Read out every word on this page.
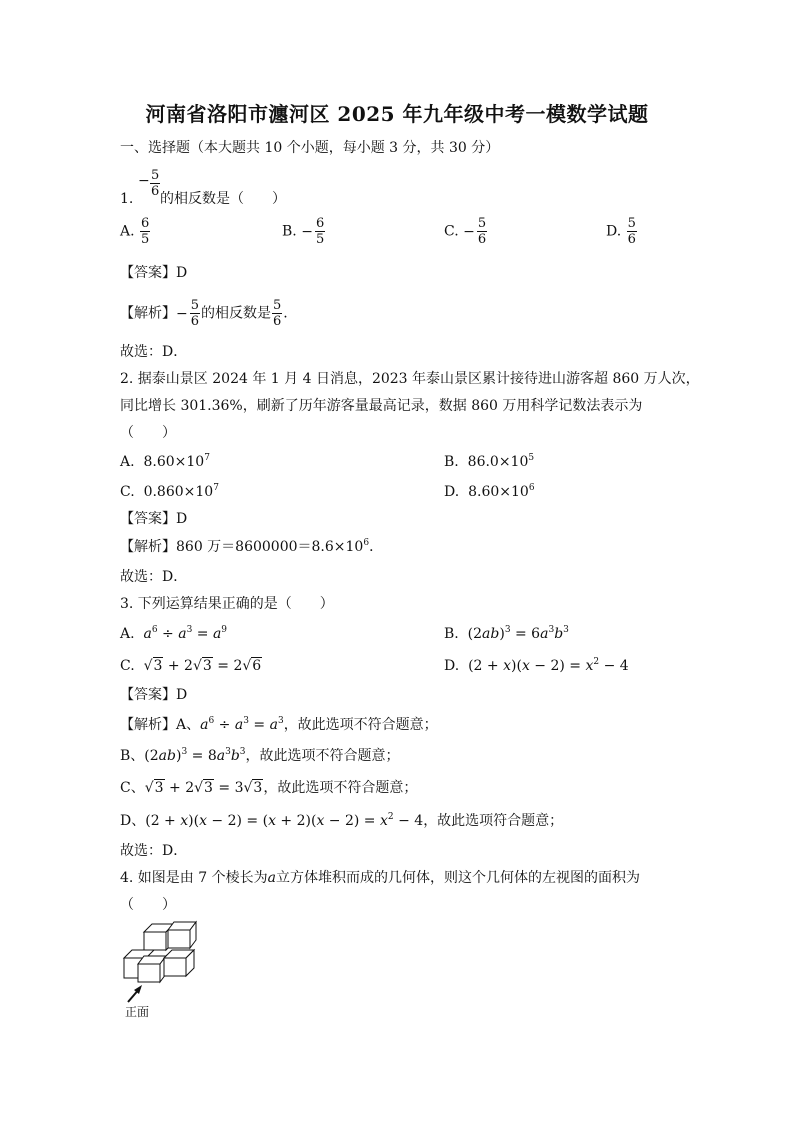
河南省洛阳市瀍河区 2025 年九年级中考一模数学试题
一、选择题（本大题共 10 个小题，每小题 3 分，共 30 分）
1.
− $\frac{5}{6}$ 的相反数是（　　）
A. $\frac{6}{5}$	B. − $\frac{6}{5}$	C. − $\frac{5}{6}$	D. $\frac{5}{6}$
【答案】D
【解析】− $\frac{5}{6}$ 的相反数是 $\frac{5}{6}$ .
故选：D．
2. 据泰山景区 2024 年 1 月 4 日消息，2023 年泰山景区累计接待进山游客超 860 万人次，
同比增长 301.36%，刷新了历年游客量最高记录，数据 860 万用科学记数法表示为
（　　）
A. $8.60\times 10^7$	B. $86.0\times 10^5$
C. $0.860\times 10^7$	D. $8.60\times 10^6$
【答案】D
【解析】860 万$=8600000=8.6\times 10^6$．
故选：D．
3. 下列运算结果正确的是（　　）
A. $a^6 \div a^3 = a^9$	B.  $(2ab)^3 = 6a^3b^3$
C.  √3 + 2√3 = 2√6	D.  $(2 + x)(x - 2) = x^2 - 4$
【答案】D
【解析】A、$a^6 \div a^3 = a^3$，故此选项不符合题意；
B、$(2ab)^3 = 8a^3b^3$，故此选项不符合题意；
C、√3 + 2√3 = 3√3，故此选项不符合题意；
D、$(2 + x)(x - 2) = (x + 2)(x - 2) = x^2 - 4$，故此选项符合题意；
故选：D．
4. 如图是由 7 个棱长为a立方体堆积而成的几何体，则这个几何体的左视图的面积为
（　　）
正面
